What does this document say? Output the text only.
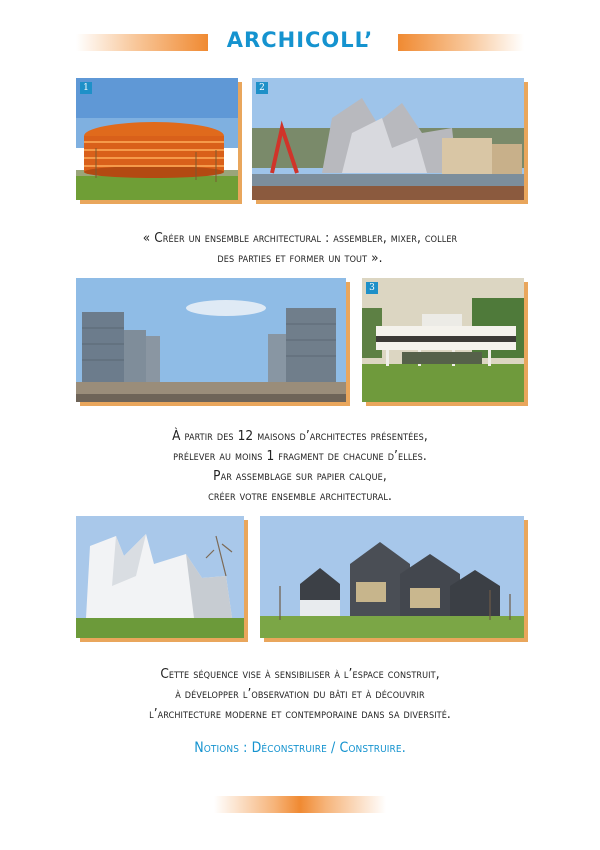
ARCHICOLL’
1	2
« Créer un ensemble architectural : assembler, mixer, coller
des parties et former un tout ».
3
À partir des 12 maisons d’architectes présentées,
prélever au moins 1 fragment de chacune d’elles.
Par assemblage sur papier calque,
créer votre ensemble architectural.
Cette séquence vise à sensibiliser à l’espace construit,
à développer l’observation du bâti et à découvrir
l’architecture moderne et contemporaine dans sa diversité.
Notions : Déconstruire / Construire.
